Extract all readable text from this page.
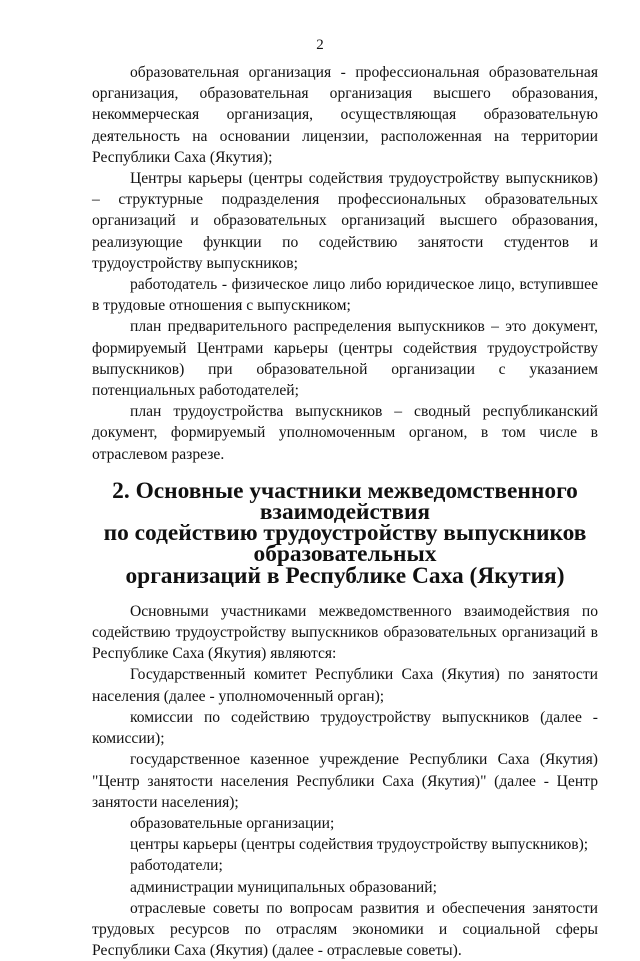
2

образовательная организация - профессиональная образовательная организация, образовательная организация высшего образования, некоммерческая организация, осуществляющая образовательную деятельность на основании лицензии, расположенная на территории Республики Саха (Якутия);

Центры карьеры (центры содействия трудоустройству выпускников) – структурные подразделения профессиональных образовательных организаций и образовательных организаций высшего образования, реализующие функции по содействию занятости студентов и трудоустройству выпускников;

работодатель - физическое лицо либо юридическое лицо, вступившее в трудовые отношения с выпускником;

план предварительного распределения выпускников – это документ, формируемый Центрами карьеры (центры содействия трудоустройству выпускников) при образовательной организации с указанием потенциальных работодателей;

план трудоустройства выпускников – сводный республиканский документ, формируемый уполномоченным органом, в том числе в отраслевом разрезе.

2. Основные участники межведомственного взаимодействия
по содействию трудоустройству выпускников образовательных
организаций в Республике Саха (Якутия)

Основными участниками межведомственного взаимодействия по содействию трудоустройству выпускников образовательных организаций в Республике Саха (Якутия) являются:

Государственный комитет Республики Саха (Якутия) по занятости населения (далее - уполномоченный орган);

комиссии по содействию трудоустройству выпускников (далее - комиссии);

государственное казенное учреждение Республики Саха (Якутия) "Центр занятости населения Республики Саха (Якутия)" (далее - Центр занятости населения);

образовательные организации;

центры карьеры (центры содействия трудоустройству выпускников);

работодатели;

администрации муниципальных образований;

отраслевые советы по вопросам развития и обеспечения занятости трудовых ресурсов по отраслям экономики и социальной сферы Республики Саха (Якутия) (далее - отраслевые советы).
